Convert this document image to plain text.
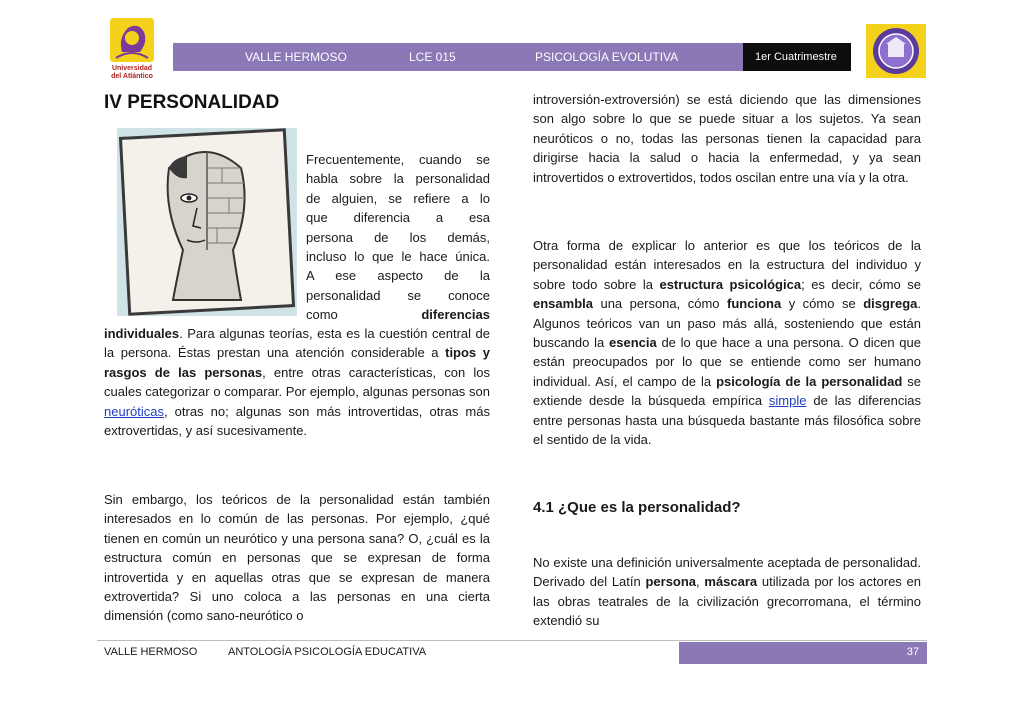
Universidad
del Atlántico
VALLE HERMOSO	LCE 015	PSICOLOGÍA EVOLUTIVA	1er Cuatrimestre
IV PERSONALIDAD
Frecuentemente, cuando se
habla sobre la personalidad
de alguien, se refiere a lo
que diferencia a esa
persona de los demás,
incluso lo que le hace única.
A ese aspecto de la
personalidad se conoce
como	diferencias
individuales. Para algunas teorías, esta es la cuestión central de la persona. Éstas prestan una atención considerable a tipos y rasgos de las personas, entre otras características, con los cuales categorizar o comparar. Por ejemplo, algunas personas son neuróticas, otras no; algunas son más introvertidas, otras más extrovertidas, y así sucesivamente.
Sin embargo, los teóricos de la personalidad están también interesados en lo común de las personas. Por ejemplo, ¿qué tienen en común un neurótico y una persona sana? O, ¿cuál es la estructura común en personas que se expresan de forma introvertida y en aquellas otras que se expresan de manera extrovertida? Si uno coloca a las personas en una cierta dimensión (como sano-neurótico o
introversión-extroversión) se está diciendo que las dimensiones son algo sobre lo que se puede situar a los sujetos. Ya sean neuróticos o no, todas las personas tienen la capacidad para dirigirse hacia la salud o hacia la enfermedad, y ya sean introvertidos o extrovertidos, todos oscilan entre una vía y la otra.
Otra forma de explicar lo anterior es que los teóricos de la personalidad están interesados en la estructura del individuo y sobre todo sobre la estructura psicológica; es decir, cómo se ensambla una persona, cómo funciona y cómo se disgrega. Algunos teóricos van un paso más allá, sosteniendo que están buscando la esencia de lo que hace a una persona. O dicen que están preocupados por lo que se entiende como ser humano individual. Así, el campo de la psicología de la personalidad se extiende desde la búsqueda empírica simple de las diferencias entre personas hasta una búsqueda bastante más filosófica sobre el sentido de la vida.
4.1 ¿Que es la personalidad?
No existe una definición universalmente aceptada de personalidad. Derivado del Latín persona, máscara utilizada por los actores en las obras teatrales de la civilización grecorromana, el término extendió su
VALLE HERMOSO	ANTOLOGÍA PSICOLOGÍA EDUCATIVA	37
